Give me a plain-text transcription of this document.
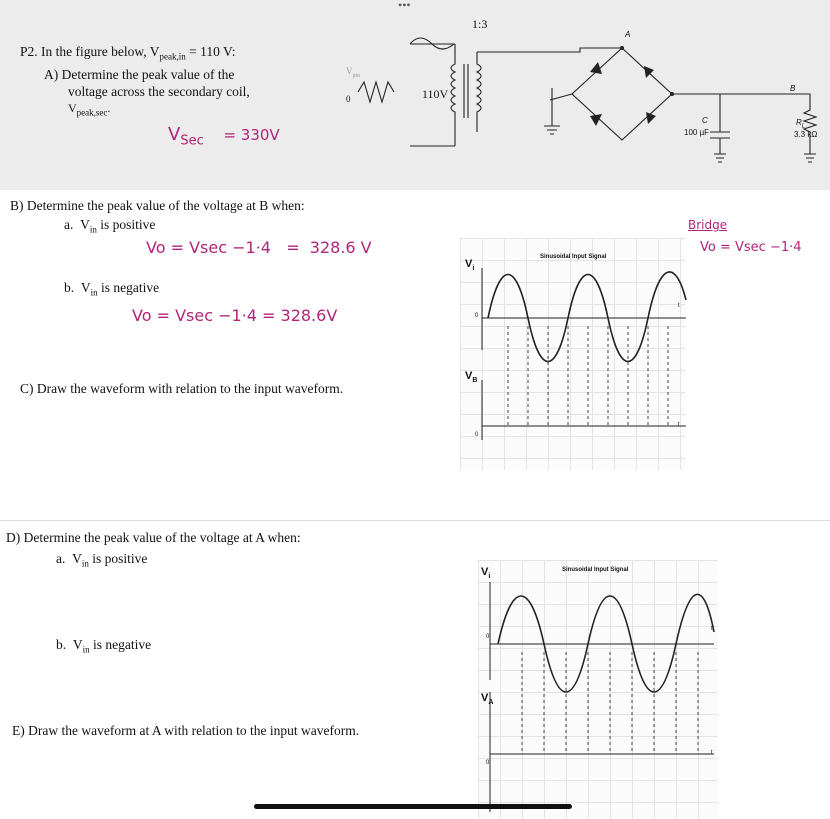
•••
P2. In the figure below, $V_{peak,in} = 110$ V:
A) Determine the peak value of the
voltage across the secondary coil,
$V_{peak,sec}$.
$V_{Sec} = 330V$
1:3
$V_{pin}$
0	110V
A
B
C
100 µF
$R_L$
3.3 kΩ
B) Determine the peak value of the voltage at B when:
a. $V_{in}$ is positive
Vo = Vsec −1·4   =  328.6 V
b. $V_{in}$ is negative
Vo = Vsec −1·4 = 328.6V
C) Draw the waveform with relation to the input waveform.
Bridge
Vo = Vsec −1·4
$V_i$
Sinusoidal Input Signal
0
t
$V_B$
0
t
D) Determine the peak value of the voltage at A when:
a. $V_{in}$ is positive
b. $V_{in}$ is negative
E) Draw the waveform at A with relation to the input waveform.
$V_i$
Sinusoidal Input Signal
0
t
$V_A$
0
t
